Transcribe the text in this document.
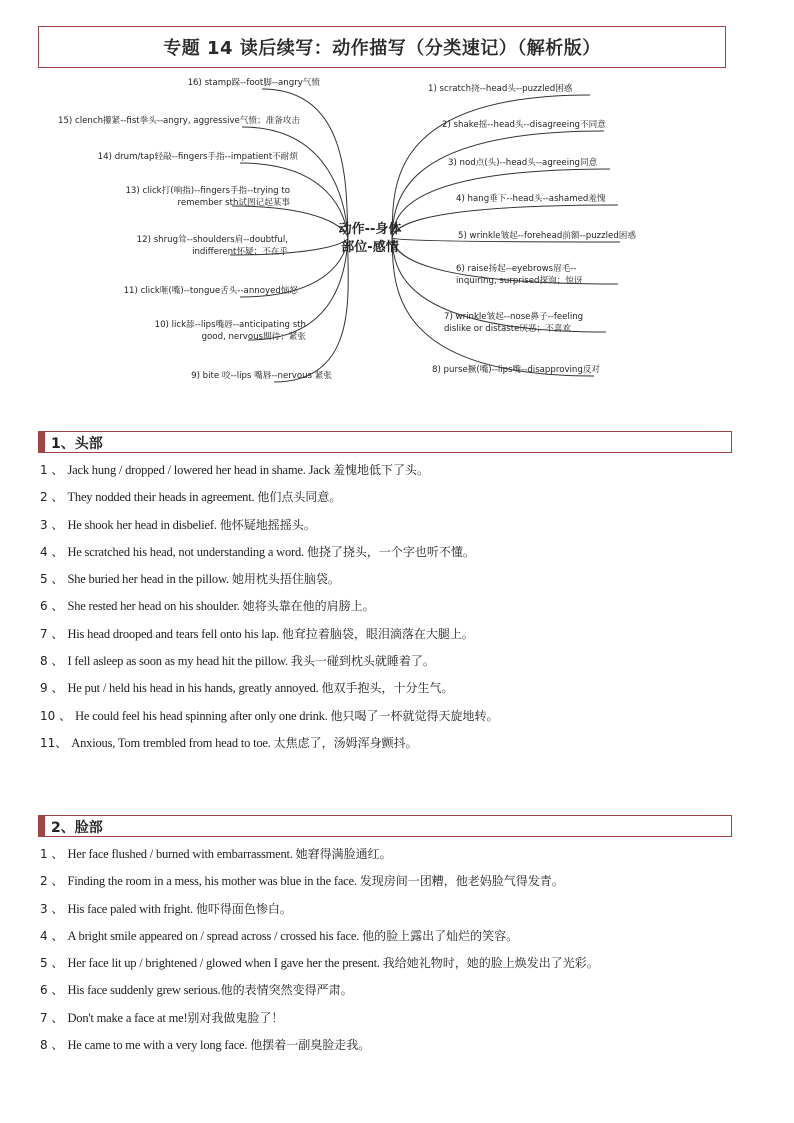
专题 14 读后续写：动作描写（分类速记）（解析版）
16) stamp跺--foot脚--angry气愤
15) clench攥紧--fist拳头--angry, aggressive气愤；准备攻击
14) drum/tap轻敲--fingers手指--impatient不耐烦
13) click打(响指)--fingers手指--trying to remember sth试图记起某事
12) shrug耸--shoulders肩--doubtful, indifferent怀疑；不在乎
11) click咂(嘴)--tongue舌头--annoyed恼怒
10) lick舔--lips嘴唇--anticipating sth good, nervous期待；紧张
9) bite 咬--lips 嘴唇--nervous 紧张
1) scratch挠--head头--puzzled困惑
2) shake摇--head头--disagreeing不同意
3) nod点(头)--head头--agreeing同意
4) hang垂下--head头--ashamed羞愧
5) wrinkle皱起--forehead前额--puzzled困惑
6) raise扬起--eyebrows眉毛--inquiring, surprised探询；惊讶
7) wrinkle皱起--nose鼻子--feeling dislike or distaste厌恶；不喜欢
8) purse撅(嘴)--lips嘴--disapproving反对
动作--身体
部位-感情
1、头部
1 、 Jack hung / dropped / lowered her head in shame. Jack 羞愧地低下了头。
2 、 They nodded their heads in agreement. 他们点头同意。
3 、 He shook her head in disbelief. 他怀疑地摇摇头。
4 、 He scratched his head, not understanding a word. 他挠了挠头，一个字也听不懂。
5 、 She buried her head in the pillow. 她用枕头捂住脑袋。
6 、 She rested her head on his shoulder. 她将头靠在他的肩膀上。
7 、 His head drooped and tears fell onto his lap. 他耷拉着脑袋，眼泪滴落在大腿上。
8 、 I fell asleep as soon as my head hit the pillow. 我头一碰到枕头就睡着了。
9 、 He put / held his head in his hands, greatly annoyed. 他双手抱头，十分生气。
10 、 He could feel his head spinning after only one drink. 他只喝了一杯就觉得天旋地转。
11、 Anxious, Tom trembled from head to toe. 太焦虑了，汤姆浑身颤抖。
2、脸部
1 、 Her face flushed / burned with embarrassment. 她窘得满脸通红。
2 、 Finding the room in a mess, his mother was blue in the face. 发现房间一团糟，他老妈脸气得发青。
3 、 His face paled with fright. 他吓得面色惨白。
4 、 A bright smile appeared on / spread across / crossed his face. 他的脸上露出了灿烂的笑容。
5 、 Her face lit up / brightened / glowed when I gave her the present. 我给她礼物时，她的脸上焕发出了光彩。
6 、 His face suddenly grew serious.他的表情突然变得严肃。
7 、 Don't make a face at me!别对我做鬼脸了！
8 、 He came to me with a very long face. 他摆着一副臭脸走我。
